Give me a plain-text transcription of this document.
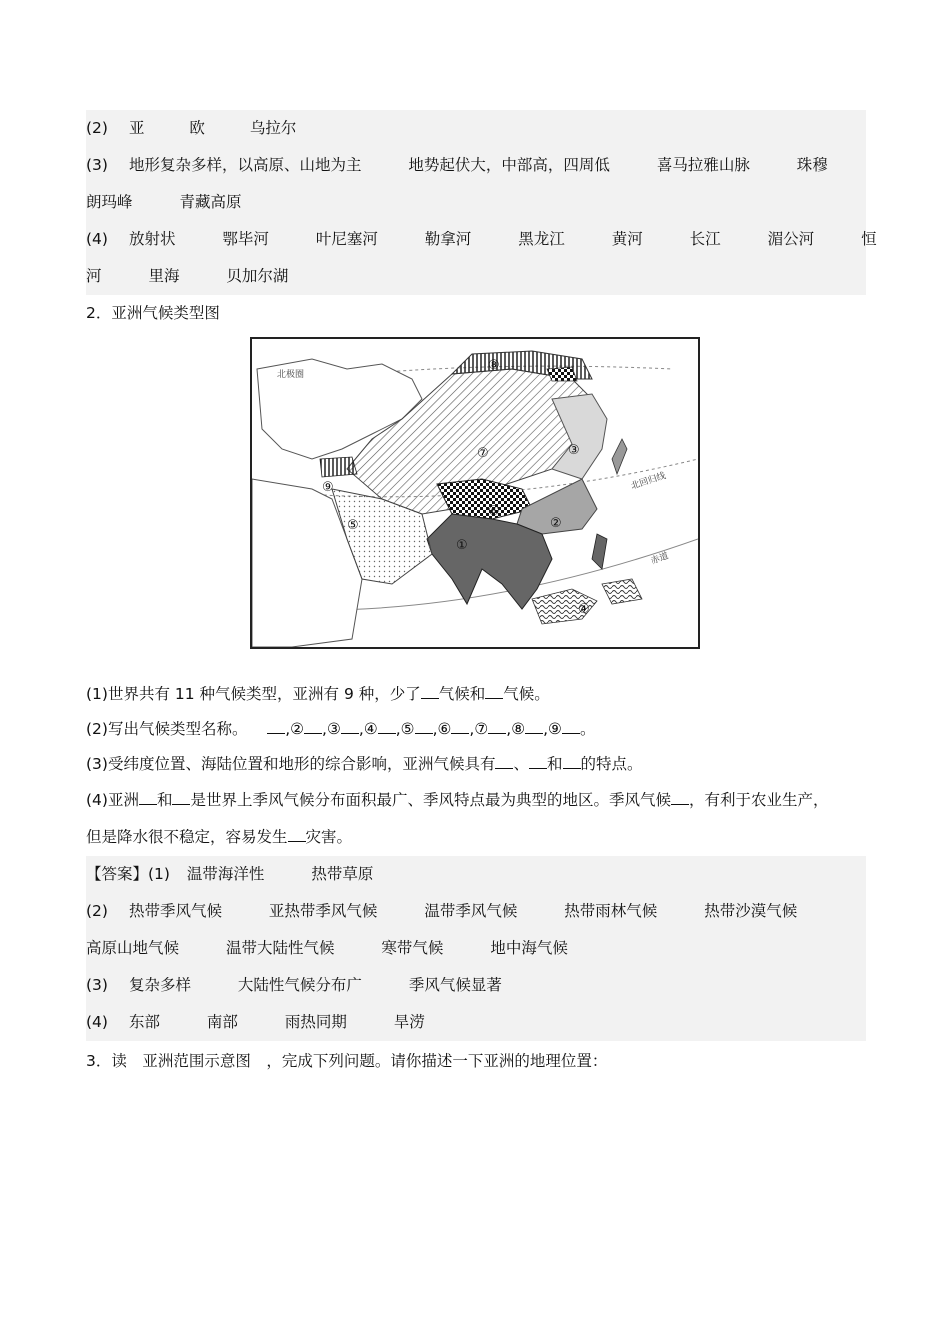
(2) 亚	欧	乌拉尔
(3) 地形复杂多样，以高原、山地为主	地势起伏大，中部高，四周低	喜马拉雅山脉	珠穆
朗玛峰	青藏高原
(4) 放射状	鄂毕河	叶尼塞河	勒拿河	黑龙江	黄河	长江	湄公河	恒
河	里海	贝加尔湖
2．亚洲气候类型图
北极圈
北回归线
赤道
①
②
③
④
⑤
⑥
⑦
⑧
⑨
(1)世界共有 11 种气候类型，亚洲有 9 种，少了 气候和 气候。
(2)写出气候类型名称。 ,② ,③ ,④ ,⑤ ,⑥ ,⑦ ,⑧ ,⑨ 。
(3)受纬度位置、海陆位置和地形的综合影响，亚洲气候具有 、 和 的特点。
(4)亚洲 和 是世界上季风气候分布面积最广、季风特点最为典型的地区。季风气候 ，有利于农业生产，
但是降水很不稳定，容易发生 灾害。
【答案】(1) 温带海洋性	热带草原
(2) 热带季风气候	亚热带季风气候	温带季风气候	热带雨林气候	热带沙漠气候
高原山地气候	温带大陆性气候	寒带气候	地中海气候
(3) 复杂多样	大陆性气候分布广	季风气候显著
(4) 东部	南部	雨热同期	旱涝
3．读　亚洲范围示意图　，完成下列问题。请你描述一下亚洲的地理位置：
